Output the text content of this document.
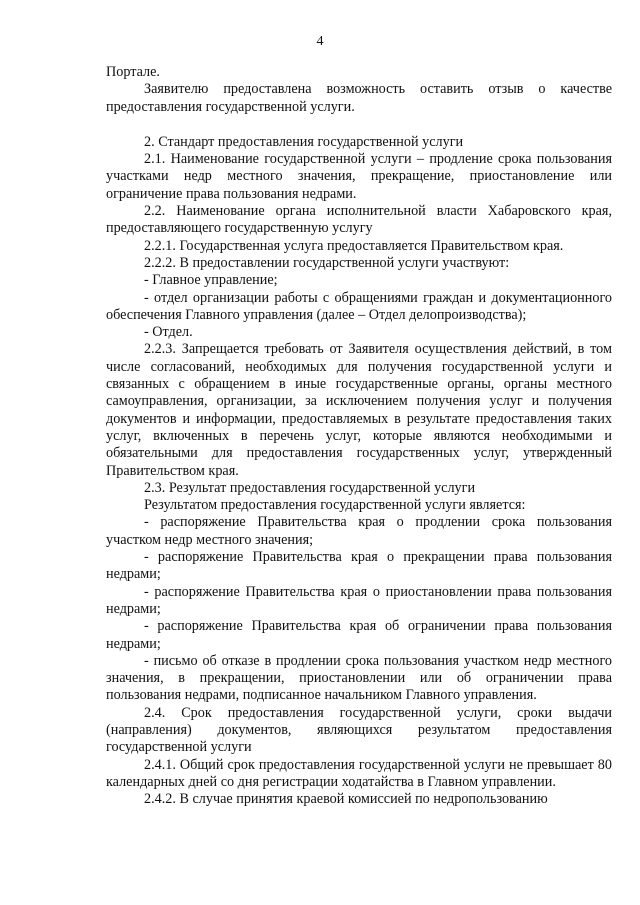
4

Портале.

Заявителю предоставлена возможность оставить отзыв о качестве предоставления государственной услуги.

2. Стандарт предоставления государственной услуги

2.1. Наименование государственной услуги – продление срока пользования участками недр местного значения, прекращение, приостановление или ограничение права пользования недрами.

2.2. Наименование органа исполнительной власти Хабаровского края, предоставляющего государственную услугу

2.2.1. Государственная услуга предоставляется Правительством края.

2.2.2. В предоставлении государственной услуги участвуют:

- Главное управление;

- отдел организации работы с обращениями граждан и документационного обеспечения Главного управления (далее – Отдел делопроизводства);

- Отдел.

2.2.3. Запрещается требовать от Заявителя осуществления действий, в том числе согласований, необходимых для получения государственной услуги и связанных с обращением в иные государственные органы, органы местного самоуправления, организации, за исключением получения услуг и получения документов и информации, предоставляемых в результате предоставления таких услуг, включенных в перечень услуг, которые являются необходимыми и обязательными для предоставления государственных услуг, утвержденный Правительством края.

2.3. Результат предоставления государственной услуги

Результатом предоставления государственной услуги является:

- распоряжение Правительства края о продлении срока пользования участком недр местного значения;

- распоряжение Правительства края о прекращении права пользования недрами;

- распоряжение Правительства края о приостановлении права пользования недрами;

- распоряжение Правительства края об ограничении права пользования недрами;

- письмо об отказе в продлении срока пользования участком недр местного значения, в прекращении, приостановлении или об ограничении права пользования недрами, подписанное начальником Главного управления.

2.4. Срок предоставления государственной услуги, сроки выдачи (направления) документов, являющихся результатом предоставления государственной услуги

2.4.1. Общий срок предоставления государственной услуги не превышает 80 календарных дней со дня регистрации ходатайства в Главном управлении.

2.4.2. В случае принятия краевой комиссией по недропользованию
